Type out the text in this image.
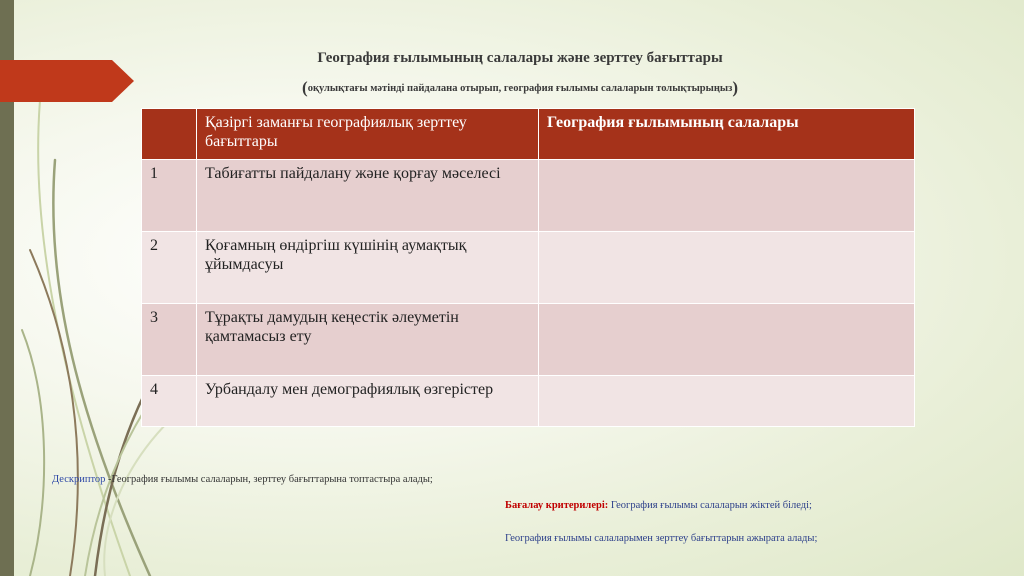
География ғылымының салалары және зерттеу бағыттары
(оқулықтағы мәтінді пайдалана отырып, география ғылымы салаларын толықтырыңыз)
	Қазіргі заманғы географиялық зерттеу бағыттары	География ғылымының салалары
1	Табиғатты пайдалану және қорғау мәселесі	
2	Қоғамның өндіргіш күшінің аумақтық ұйымдасуы	
3	Тұрақты дамудың кеңестік әлеуметін қамтамасыз ету	
4	Урбандалу мен демографиялық өзгерістер	
Дескриптор -География ғылымы салаларын, зерттеу бағыттарына топтастыра алады;
Бағалау критерилері: География ғылымы салаларын жіктей біледі;
География ғылымы салаларымен зерттеу бағыттарын ажырата алады;
